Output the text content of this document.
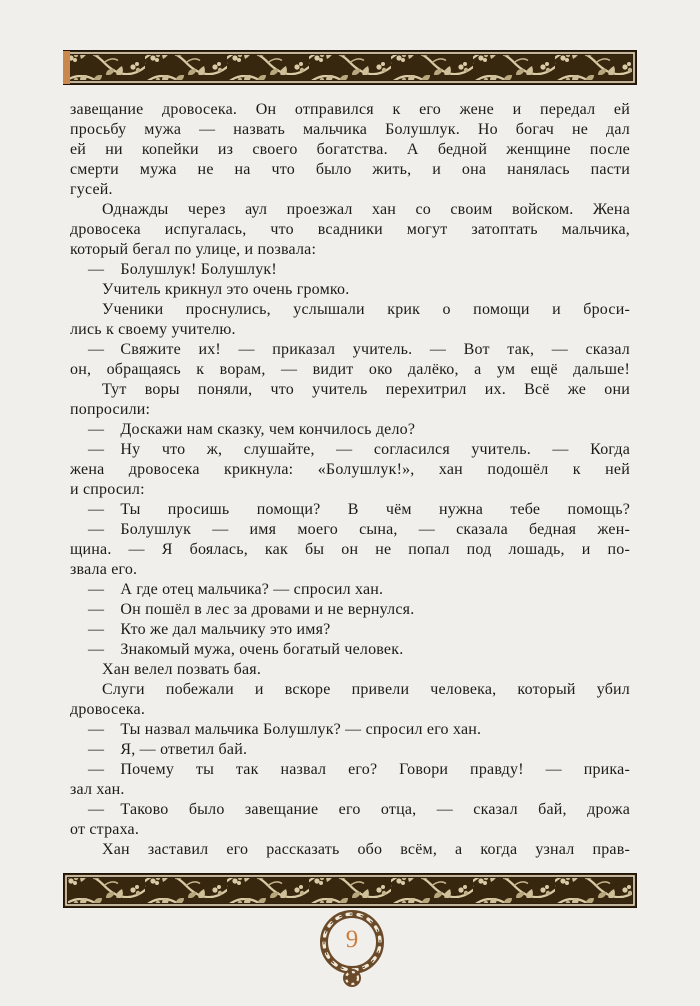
завещание дровосека. Он отправился к его жене и передал ей
просьбу мужа — назвать мальчика Болушлук. Но богач не дал
ей ни копейки из своего богатства. А бедной женщине после
смерти мужа не на что было жить, и она нанялась пасти
гусей.
Однажды через аул проезжал хан со своим войском. Жена
дровосека испугалась, что всадники могут затоптать мальчика,
который бегал по улице, и позвала:
— Болушлук! Болушлук!
Учитель крикнул это очень громко.
Ученики проснулись, услышали крик о помощи и броси-
лись к своему учителю.
— Свяжите их! — приказал учитель. — Вот так, — сказал
он, обращаясь к ворам, — видит око далёко, а ум ещё дальше!
Тут воры поняли, что учитель перехитрил их. Всё же они
попросили:
— Доскажи нам сказку, чем кончилось дело?
— Ну что ж, слушайте, — согласился учитель. — Когда
жена дровосека крикнула: «Болушлук!», хан подошёл к ней
и спросил:
— Ты просишь помощи? В чём нужна тебе помощь?
— Болушлук — имя моего сына, — сказала бедная жен-
щина. — Я боялась, как бы он не попал под лошадь, и по-
звала его.
— А где отец мальчика? — спросил хан.
— Он пошёл в лес за дровами и не вернулся.
— Кто же дал мальчику это имя?
— Знакомый мужа, очень богатый человек.
Хан велел позвать бая.
Слуги побежали и вскоре привели человека, который убил
дровосека.
— Ты назвал мальчика Болушлук? — спросил его хан.
— Я, — ответил бай.
— Почему ты так назвал его? Говори правду! — прика-
зал хан.
— Таково было завещание его отца, — сказал бай, дрожа
от страха.
Хан заставил его рассказать обо всём, а когда узнал прав-
9
